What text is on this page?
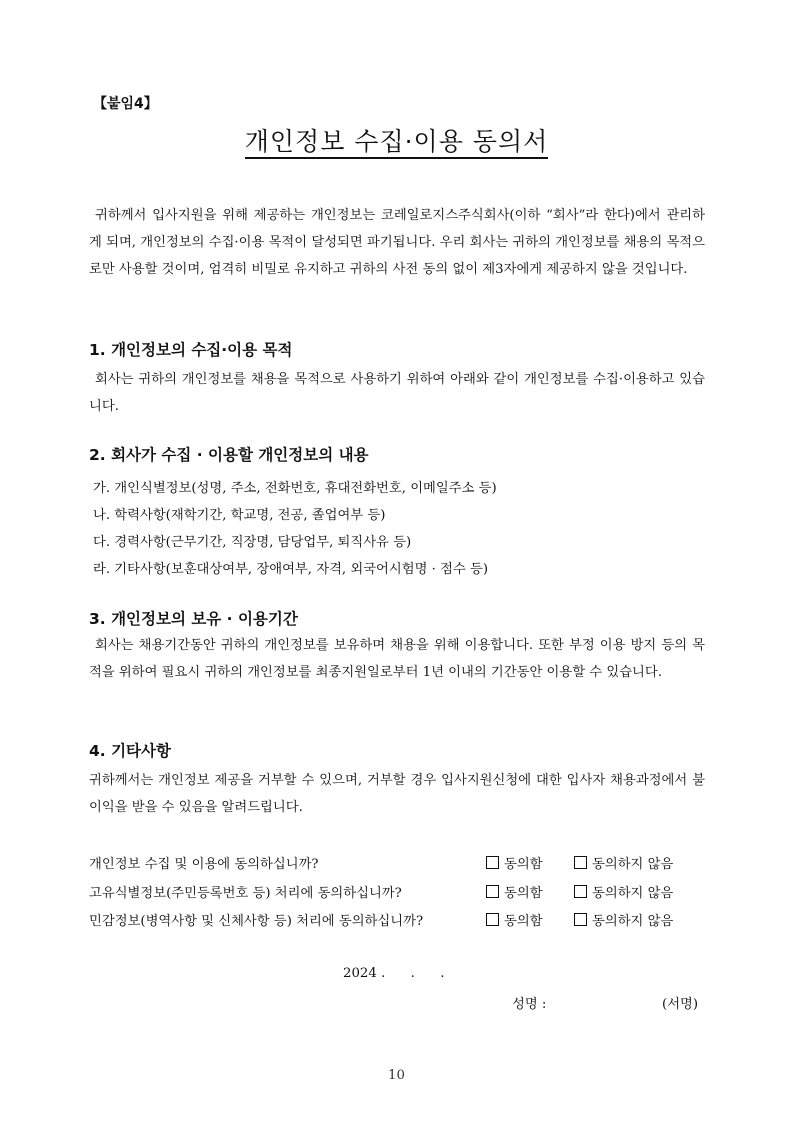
【붙임4】
개인정보 수집·이용 동의서
귀하께서 입사지원을 위해 제공하는 개인정보는 코레일로지스주식회사(이하 “회사”라 한다)에서 관리하게 되며, 개인정보의 수집·이용 목적이 달성되면 파기됩니다. 우리 회사는 귀하의 개인정보를 채용의 목적으로만 사용할 것이며, 엄격히 비밀로 유지하고 귀하의 사전 동의 없이 제3자에게 제공하지 않을 것입니다.
1. 개인정보의 수집·이용 목적
회사는 귀하의 개인정보를 채용을 목적으로 사용하기 위하여 아래와 같이 개인정보를 수집·이용하고 있습니다.
2. 회사가 수집 · 이용할 개인정보의 내용
가. 개인식별정보(성명, 주소, 전화번호, 휴대전화번호, 이메일주소 등)
나. 학력사항(재학기간, 학교명, 전공, 졸업여부 등)
다. 경력사항(근무기간, 직장명, 담당업무, 퇴직사유 등)
라. 기타사항(보훈대상여부, 장애여부, 자격, 외국어시험명 · 점수 등)
3. 개인정보의 보유 · 이용기간
회사는 채용기간동안 귀하의 개인정보를 보유하며 채용을 위해 이용합니다. 또한 부정 이용 방지 등의 목적을 위하여 필요시 귀하의 개인정보를 최종지원일로부터 1년 이내의 기간동안 이용할 수 있습니다.
4. 기타사항
귀하께서는 개인정보 제공을 거부할 수 있으며, 거부할 경우 입사지원신청에 대한 입사자 채용과정에서 불이익을 받을 수 있음을 알려드립니다.
개인정보 수집 및 이용에 동의하십니까?	동의함	동의하지 않음
고유식별정보(주민등록번호 등) 처리에 동의하십니까?	동의함	동의하지 않음
민감정보(병역사항 및 신체사항 등) 처리에 동의하십니까?	동의함	동의하지 않음
2024 .      .      .
성명 :	(서명)
10
